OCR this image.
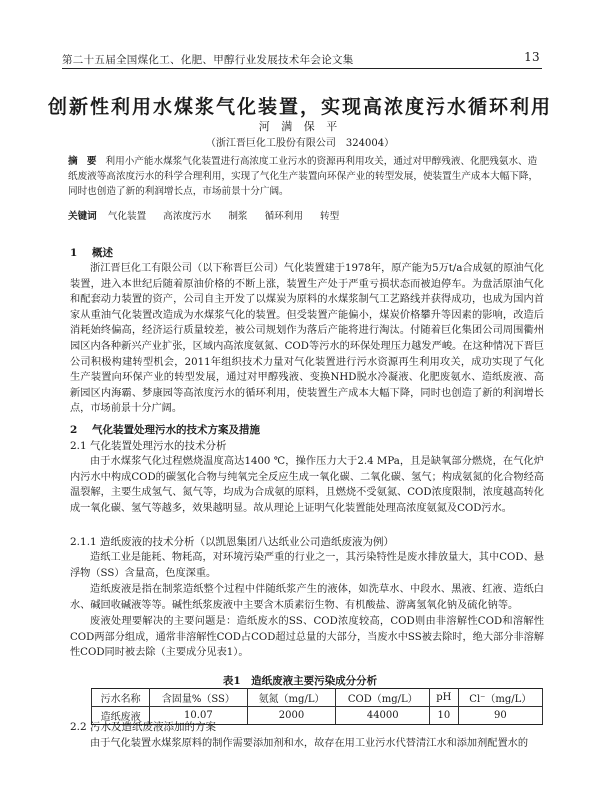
第二十五届全国煤化工、化肥、甲醇行业发展技术年会论文集	13
创新性利用水煤浆气化装置，实现高浓度污水循环利用
河 满 保 平
（浙江晋巨化工股份有限公司　324004）
摘 要 利用小产能水煤浆气化装置进行高浓度工业污水的资源再利用攻关，通过对甲醇残液、化肥残氨水、造纸废液等高浓度污水的科学合理利用，实现了气化生产装置向环保产业的转型发展，使装置生产成本大幅下降，同时也创造了新的利润增长点，市场前景十分广阔。
关键词 气化装置 高浓度污水 制浆 循环利用 转型
1 概述
浙江晋巨化工有限公司（以下称晋巨公司）气化装置建于1978年，原产能为5万t/a合成氨的原油气化装置，进入本世纪后随着原油价格的不断上涨，装置生产处于严重亏损状态而被迫停车。为盘活原油气化和配套动力装置的资产，公司自主开发了以煤炭为原料的水煤浆制气工艺路线并获得成功，也成为国内首家从重油气化装置改造成为水煤浆气化的装置。但受装置产能偏小，煤炭价格攀升等因素的影响，改造后消耗始终偏高，经济运行质量较差，被公司规划作为落后产能将进行淘汰。付随着巨化集团公司周围衢州园区内各种新兴产业扩张，区域内高浓度氨氮、COD等污水的环保处理压力越发严峻。在这种情况下晋巨公司积极构建转型机会，2011年组织技术力量对气化装置进行污水资源再生利用攻关，成功实现了气化生产装置向环保产业的转型发展，通过对甲醇残液、变换NHD脱水冷凝液、化肥废氨水、造纸废液、高新园区内海霸、梦康园等高浓度污水的循环利用，使装置生产成本大幅下降，同时也创造了新的利润增长点，市场前景十分广阔。
2 气化装置处理污水的技术方案及措施
2.1 气化装置处理污水的技术分析
由于水煤浆气化过程燃烧温度高达1400 ℃，操作压力大于2.4 MPa，且是缺氧部分燃烧，在气化炉内污水中构成COD的碳氢化合物与纯氧完全反应生成一氧化碳、二氧化碳、氢气；构成氨氮的化合物经高温裂解，主要生成氢气、氮气等，均成为合成氨的原料，且燃烧不受氨氮、COD浓度限制，浓度越高转化成一氧化碳、氢气等越多，效果越明显。故从理论上证明气化装置能处理高浓度氨氮及COD污水。
2.1.1 造纸废液的技术分析（以凯恩集团八达纸业公司造纸废液为例）
造纸工业是能耗、物耗高，对环境污染严重的行业之一，其污染特性是废水排放量大，其中COD、悬浮物（SS）含量高，色度深重。
造纸废液是指在制浆造纸整个过程中伴随纸浆产生的液体，如洗草水、中段水、黑液、红液、造纸白水、碱回收碱液等等。碱性纸浆废液中主要含木质素衍生物、有机酸盐、游离氢氧化钠及硫化钠等。
废液处理要解决的主要问题是：造纸废水的SS、COD浓度较高，COD则由非溶解性COD和溶解性COD两部分组成，通常非溶解性COD占COD超过总量的大部分，当废水中SS被去除时，绝大部分非溶解性COD同时被去除（主要成分见表1）。
表1　造纸废液主要污染成分分析
污水名称	含固量%（SS）	氨氮（mg/L）	COD（mg/L）	pH	Cl⁻（mg/L）
造纸废液	10.07	2000	44000	10	90
2.2 污水及造纸废液添加的方案
由于气化装置水煤浆原料的制作需要添加剂和水，故存在用工业污水代替清江水和添加剂配置水的
